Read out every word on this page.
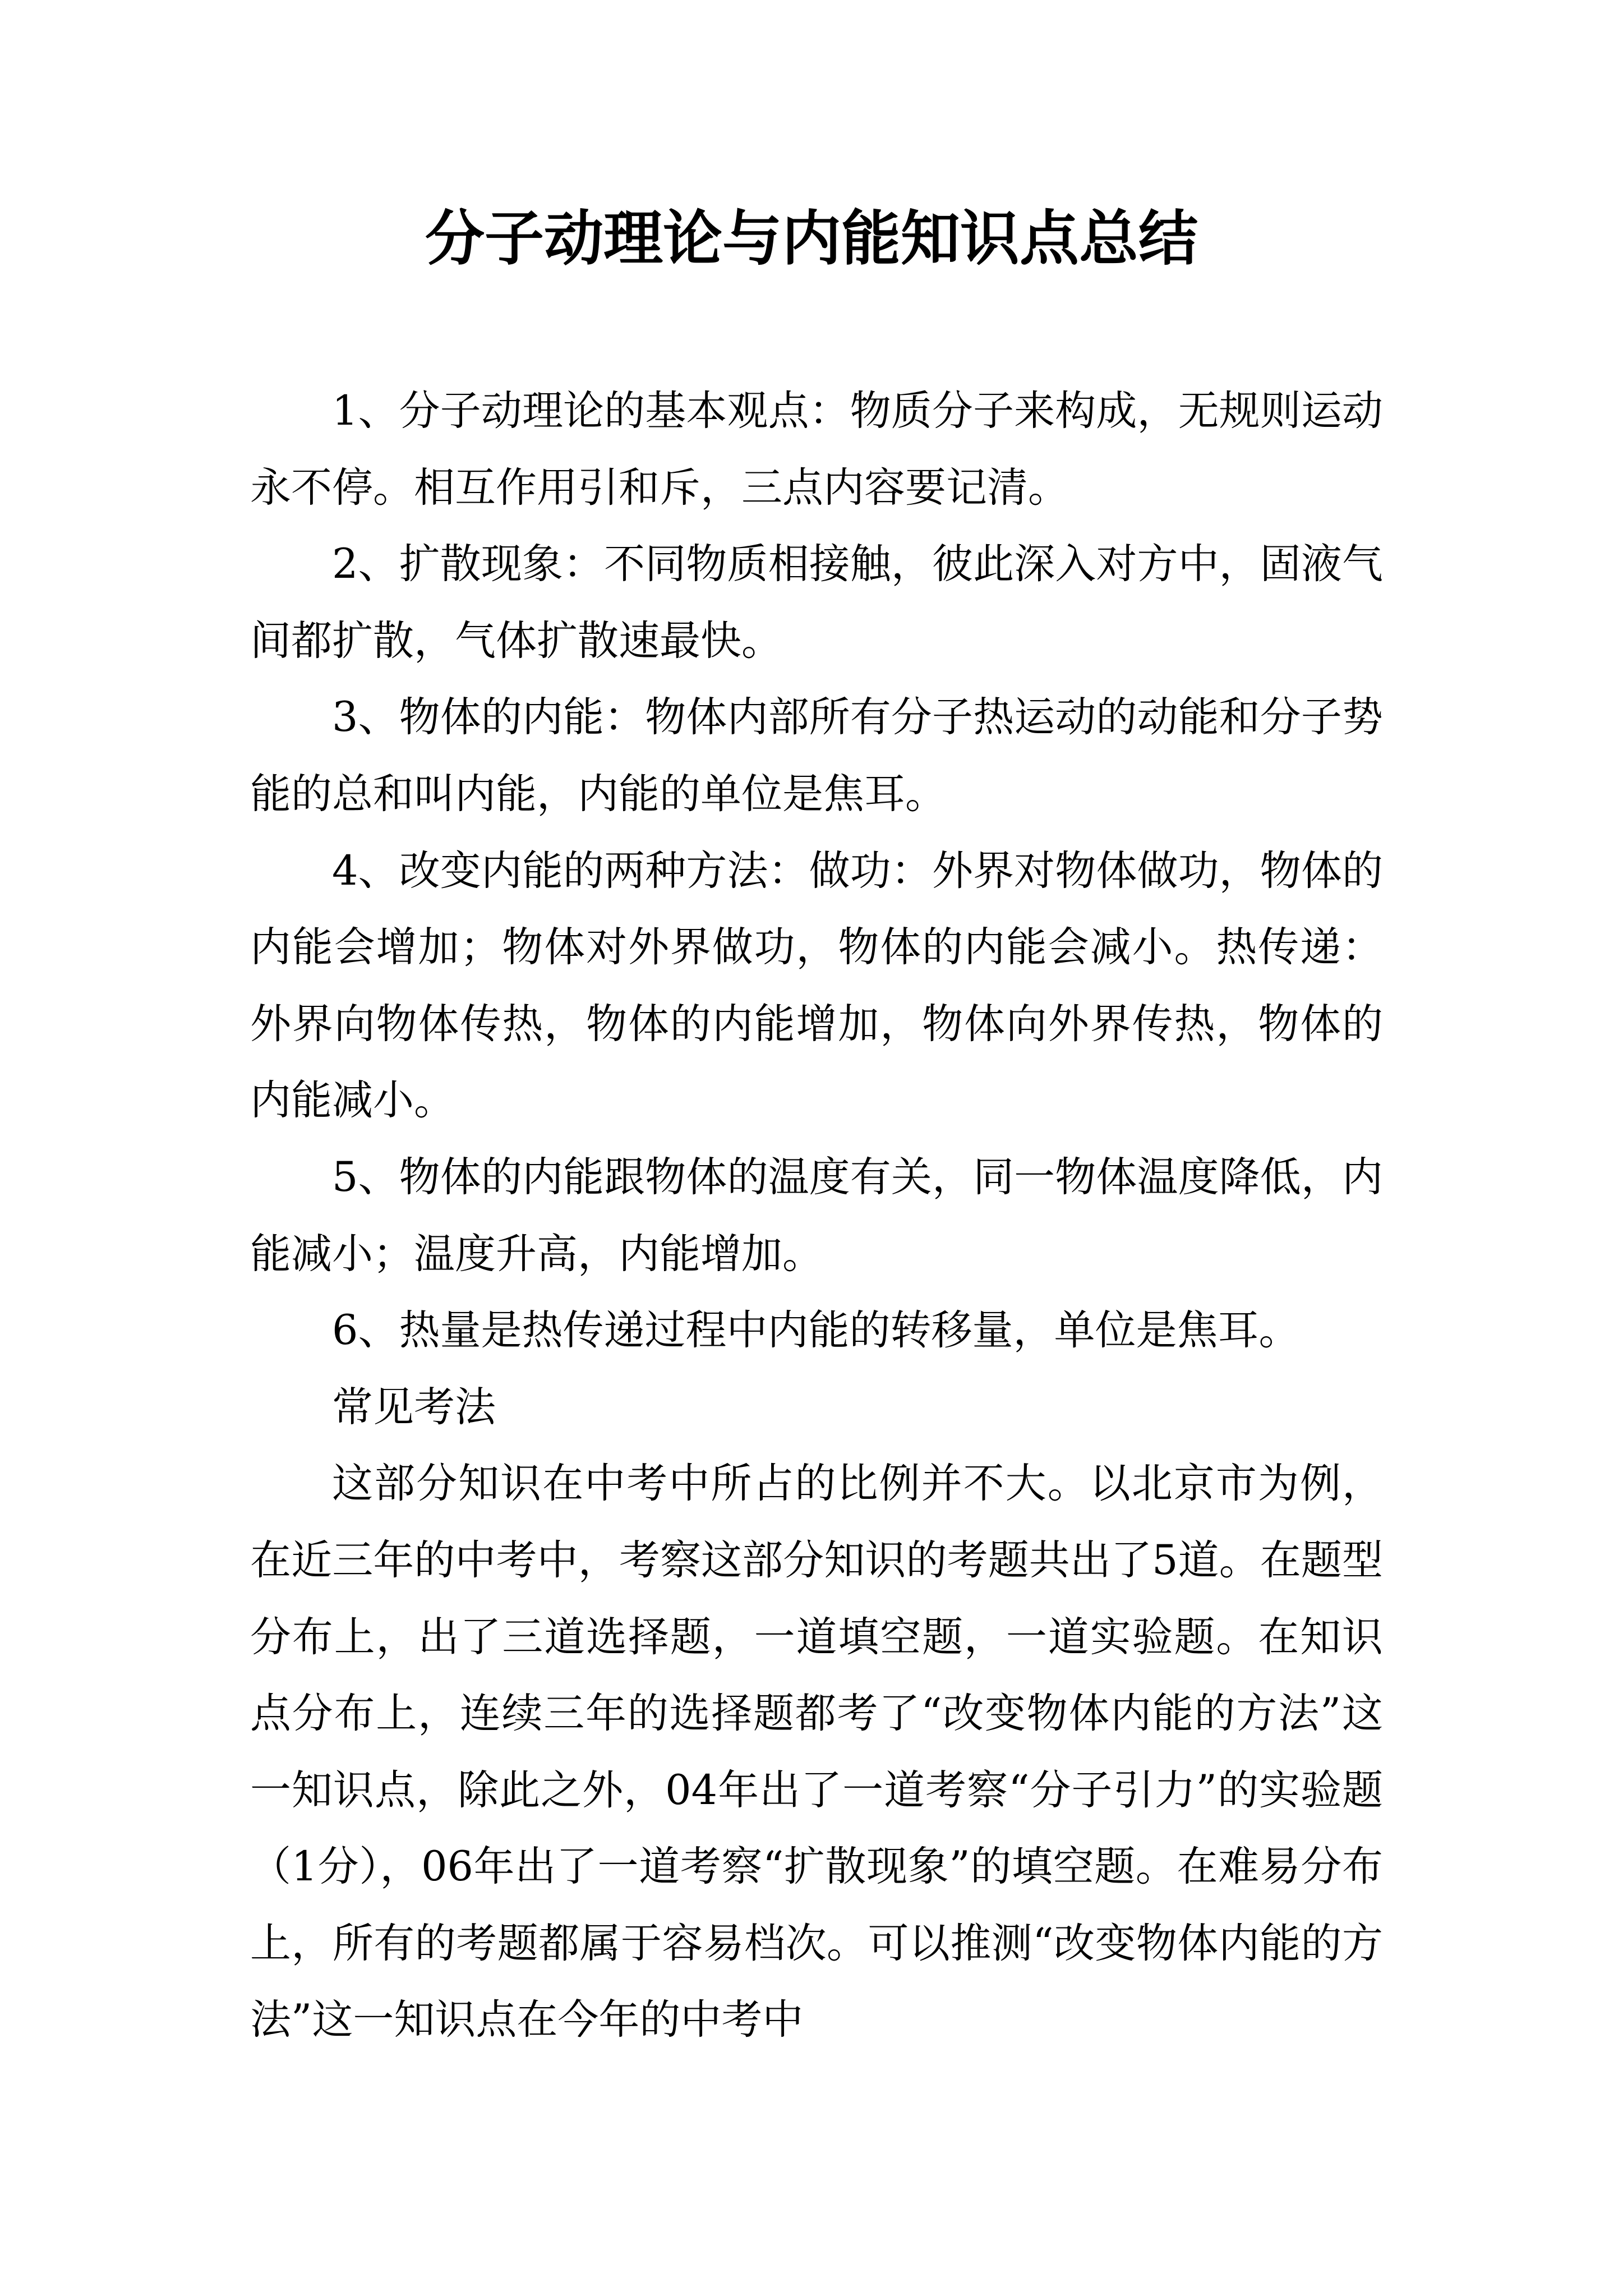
分子动理论与内能知识点总结

1、分子动理论的基本观点：物质分子来构成，无规则运动永不停。相互作用引和斥，三点内容要记清。

2、扩散现象：不同物质相接触，彼此深入对方中，固液气间都扩散，气体扩散速最快。

3、物体的内能：物体内部所有分子热运动的动能和分子势能的总和叫内能，内能的单位是焦耳。

4、改变内能的两种方法：做功：外界对物体做功，物体的内能会增加；物体对外界做功，物体的内能会减小。热传递：外界向物体传热，物体的内能增加，物体向外界传热，物体的内能减小。

5、物体的内能跟物体的温度有关，同一物体温度降低，内能减小；温度升高，内能增加。

6、热量是热传递过程中内能的转移量，单位是焦耳。

常见考法

这部分知识在中考中所占的比例并不大。以北京市为例，在近三年的中考中，考察这部分知识的考题共出了5道。在题型分布上，出了三道选择题，一道填空题，一道实验题。在知识点分布上，连续三年的选择题都考了“改变物体内能的方法”这一知识点，除此之外，04年出了一道考察“分子引力”的实验题（1分），06年出了一道考察“扩散现象”的填空题。在难易分布上，所有的考题都属于容易档次。可以推测“改变物体内能的方法”这一知识点在今年的中考中
